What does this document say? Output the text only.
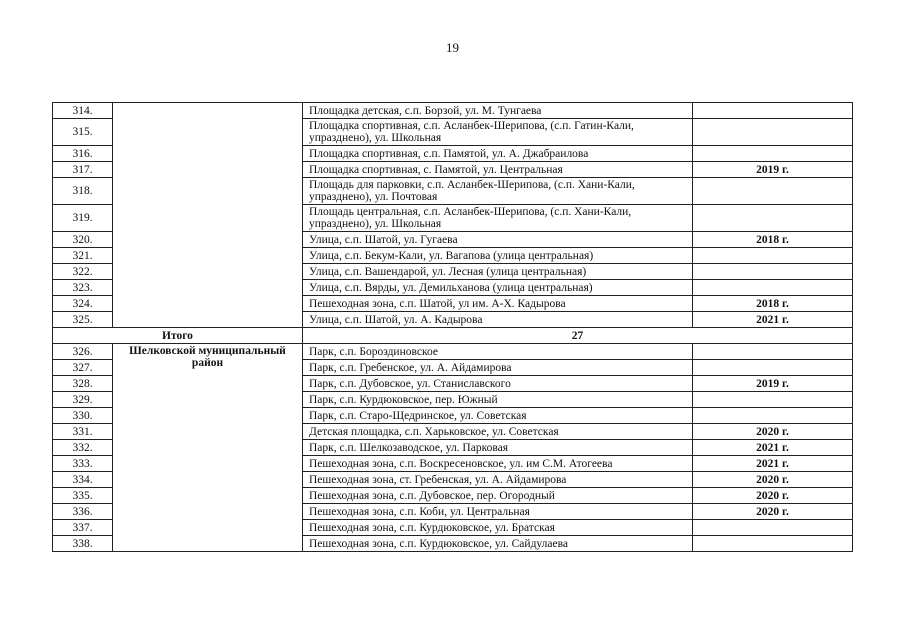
19
314.		Площадка детская, с.п. Борзой, ул. М. Тунгаева	
315.		Площадка спортивная, с.п. Асланбек-Шерипова, (с.п. Гатин-Кали, упразднено), ул. Школьная	
316.		Площадка спортивная, с.п. Памятой, ул. А. Джабраилова	
317.		Площадка спортивная, с. Памятой, ул. Центральная	2019 г.
318.		Площадь для парковки, с.п. Асланбек-Шерипова, (с.п. Хани-Кали, упразднено), ул. Почтовая	
319.		Площадь центральная, с.п. Асланбек-Шерипова, (с.п. Хани-Кали, упразднено), ул. Школьная	
320.		Улица, с.п. Шатой, ул. Гугаева	2018 г.
321.		Улица, с.п. Бекум-Кали, ул. Вагапова (улица центральная)	
322.		Улица, с.п. Вашендарой, ул. Лесная (улица центральная)	
323.		Улица, с.п. Вярды, ул. Демильханова (улица центральная)	
324.		Пешеходная зона, с.п. Шатой, ул им. А-Х. Кадырова	2018 г.
325.		Улица, с.п. Шатой, ул. А. Кадырова	2021 г.
Итого		27	
326.	Шелковской муниципальный район	Парк, с.п. Бороздиновское	
327.		Парк, с.п. Гребенское, ул. А. Айдамирова	
328.		Парк, с.п. Дубовское, ул. Станиславского	2019 г.
329.		Парк, с.п. Курдюковское, пер. Южный	
330.		Парк, с.п. Старо-Щедринское, ул. Советская	
331.		Детская площадка, с.п. Харьковское, ул. Советская	2020 г.
332.		Парк, с.п. Шелкозаводское, ул. Парковая	2021 г.
333.		Пешеходная зона, с.п. Воскресеновское, ул. им С.М. Атогеева	2021 г.
334.		Пешеходная зона, ст. Гребенская, ул. А. Айдамирова	2020 г.
335.		Пешеходная зона, с.п. Дубовское, пер. Огородный	2020 г.
336.		Пешеходная зона, с.п. Коби, ул. Центральная	2020 г.
337.		Пешеходная зона, с.п. Курдюковское, ул. Братская	
338.		Пешеходная зона, с.п. Курдюковское, ул. Сайдулаева	
